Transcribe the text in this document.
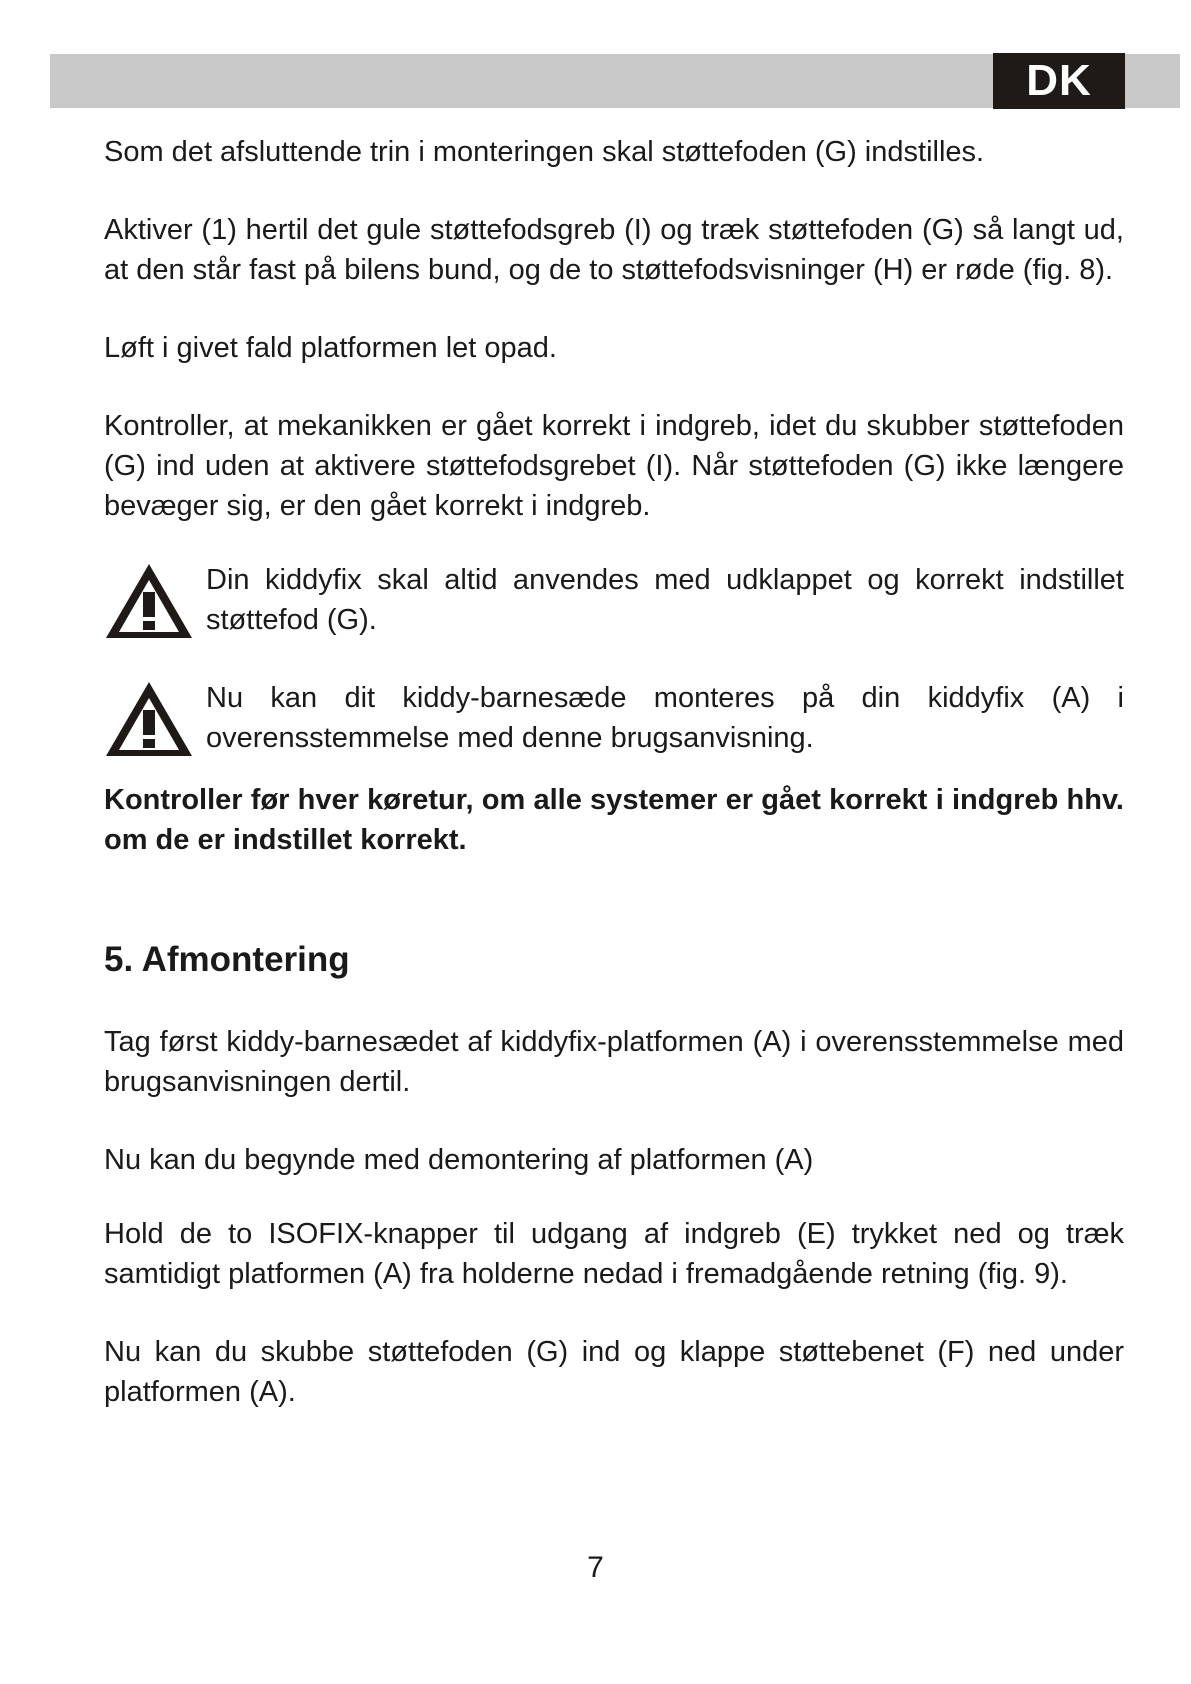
DK

Som det afsluttende trin i monteringen skal støttefoden (G) indstilles.

Aktiver (1) hertil det gule støttefodsgreb (I) og træk støttefoden (G) så langt ud, at den står fast på bilens bund, og de to støttefodsvisninger (H) er røde (fig. 8).

Løft i givet fald platformen let opad.

Kontroller, at mekanikken er gået korrekt i indgreb, idet du skubber støttefoden (G) ind uden at aktivere støttefodsgrebet (I). Når støttefoden (G) ikke længere bevæger sig, er den gået korrekt i indgreb.

Din kiddyfix skal altid anvendes med udklappet og korrekt indstillet støttefod (G).

Nu kan dit kiddy-barnesæde monteres på din kiddyfix (A) i overensstemmelse med denne brugsanvisning.

Kontroller før hver køretur, om alle systemer er gået korrekt i indgreb hhv. om de er indstillet korrekt.

5. Afmontering

Tag først kiddy-barnesædet af kiddyfix-platformen (A) i overensstemmelse med brugsanvisningen dertil.

Nu kan du begynde med demontering af platformen (A)

Hold de to ISOFIX-knapper til udgang af indgreb (E) trykket ned og træk samtidigt platformen (A) fra holderne nedad i fremadgående retning (fig. 9).

Nu kan du skubbe støttefoden (G) ind og klappe støttebenet (F) ned under platformen (A).

7
